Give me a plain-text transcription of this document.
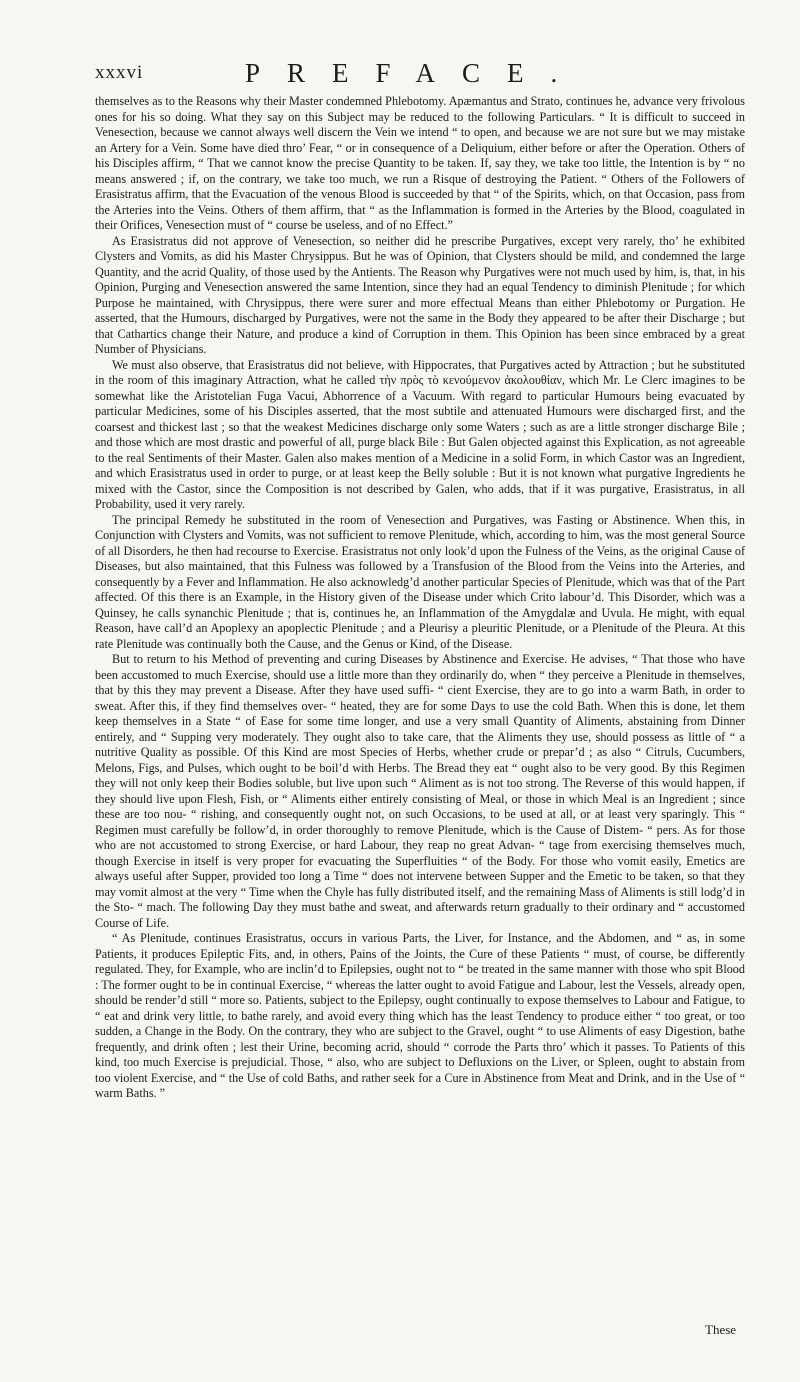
xxxvi	PREFACE.

themselves as to the Reasons why their Master condemned Phlebotomy. Apæmantus and Strato, continues he, advance very frivolous ones for his so doing. What they say on this Subject may be reduced to the following Particulars. “ It is difficult to succeed in Venesection, because we cannot always well discern the Vein we intend “ to open, and because we are not sure but we may mistake an Artery for a Vein. Some have died thro’ Fear, “ or in consequence of a Deliquium, either before or after the Operation. Others of his Disciples affirm, “ That we cannot know the precise Quantity to be taken. If, say they, we take too little, the Intention is by “ no means answered ; if, on the contrary, we take too much, we run a Risque of destroying the Patient. “ Others of the Followers of Erasistratus affirm, that the Evacuation of the venous Blood is succeeded by that “ of the Spirits, which, on that Occasion, pass from the Arteries into the Veins. Others of them affirm, that “ as the Inflammation is formed in the Arteries by the Blood, coagulated in their Orifices, Venesection must of “ course be useless, and of no Effect.”

As Erasistratus did not approve of Venesection, so neither did he prescribe Purgatives, except very rarely, tho’ he exhibited Clysters and Vomits, as did his Master Chrysippus. But he was of Opinion, that Clysters should be mild, and condemned the large Quantity, and the acrid Quality, of those used by the Antients. The Reason why Purgatives were not much used by him, is, that, in his Opinion, Purging and Venesection answered the same Intention, since they had an equal Tendency to diminish Plenitude ; for which Purpose he maintained, with Chrysippus, there were surer and more effectual Means than either Phlebotomy or Purgation. He asserted, that the Humours, discharged by Purgatives, were not the same in the Body they appeared to be after their Discharge ; but that Cathartics change their Nature, and produce a kind of Corruption in them. This Opinion has been since embraced by a great Number of Physicians.

We must also observe, that Erasistratus did not believe, with Hippocrates, that Purgatives acted by Attraction ; but he substituted in the room of this imaginary Attraction, what he called τὴν πρὸς τὸ κενούμενον ἀκολουθίαν, which Mr. Le Clerc imagines to be somewhat like the Aristotelian Fuga Vacui, Abhorrence of a Vacuum. With regard to particular Humours being evacuated by particular Medicines, some of his Disciples asserted, that the most subtile and attenuated Humours were discharged first, and the coarsest and thickest last ; so that the weakest Medicines discharge only some Waters ; such as are a little stronger discharge Bile ; and those which are most drastic and powerful of all, purge black Bile : But Galen objected against this Explication, as not agreeable to the real Sentiments of their Master. Galen also makes mention of a Medicine in a solid Form, in which Castor was an Ingredient, and which Erasistratus used in order to purge, or at least keep the Belly soluble : But it is not known what purgative Ingredients he mixed with the Castor, since the Composition is not described by Galen, who adds, that if it was purgative, Erasistratus, in all Probability, used it very rarely.

The principal Remedy he substituted in the room of Venesection and Purgatives, was Fasting or Abstinence. When this, in Conjunction with Clysters and Vomits, was not sufficient to remove Plenitude, which, according to him, was the most general Source of all Disorders, he then had recourse to Exercise. Erasistratus not only look’d upon the Fulness of the Veins, as the original Cause of Diseases, but also maintained, that this Fulness was followed by a Transfusion of the Blood from the Veins into the Arteries, and consequently by a Fever and Inflammation. He also acknowledg’d another particular Species of Plenitude, which was that of the Part affected. Of this there is an Example, in the History given of the Disease under which Crito labour’d. This Disorder, which was a Quinsey, he calls synanchic Plenitude ; that is, continues he, an Inflammation of the Amygdalæ and Uvula. He might, with equal Reason, have call’d an Apoplexy an apoplectic Plenitude ; and a Pleurisy a pleuritic Plenitude, or a Plenitude of the Pleura. At this rate Plenitude was continually both the Cause, and the Genus or Kind, of the Disease.

But to return to his Method of preventing and curing Diseases by Abstinence and Exercise. He advises, “ That those who have been accustomed to much Exercise, should use a little more than they ordinarily do, when “ they perceive a Plenitude in themselves, that by this they may prevent a Disease. After they have used suffi- “ cient Exercise, they are to go into a warm Bath, in order to sweat. After this, if they find themselves over- “ heated, they are for some Days to use the cold Bath. When this is done, let them keep themselves in a State “ of Ease for some time longer, and use a very small Quantity of Aliments, abstaining from Dinner entirely, and “ Supping very moderately. They ought also to take care, that the Aliments they use, should possess as little of “ a nutritive Quality as possible. Of this Kind are most Species of Herbs, whether crude or prepar’d ; as also “ Citruls, Cucumbers, Melons, Figs, and Pulses, which ought to be boil’d with Herbs. The Bread they eat “ ought also to be very good. By this Regimen they will not only keep their Bodies soluble, but live upon such “ Aliment as is not too strong. The Reverse of this would happen, if they should live upon Flesh, Fish, or “ Aliments either entirely consisting of Meal, or those in which Meal is an Ingredient ; since these are too nou- “ rishing, and consequently ought not, on such Occasions, to be used at all, or at least very sparingly. This “ Regimen must carefully be follow’d, in order thoroughly to remove Plenitude, which is the Cause of Distem- “ pers. As for those who are not accustomed to strong Exercise, or hard Labour, they reap no great Advan- “ tage from exercising themselves much, though Exercise in itself is very proper for evacuating the Superfluities “ of the Body. For those who vomit easily, Emetics are always useful after Supper, provided too long a Time “ does not intervene between Supper and the Emetic to be taken, so that they may vomit almost at the very “ Time when the Chyle has fully distributed itself, and the remaining Mass of Aliments is still lodg’d in the Sto- “ mach. The following Day they must bathe and sweat, and afterwards return gradually to their ordinary and “ accustomed Course of Life.

“ As Plenitude, continues Erasistratus, occurs in various Parts, the Liver, for Instance, and the Abdomen, and “ as, in some Patients, it produces Epileptic Fits, and, in others, Pains of the Joints, the Cure of these Patients “ must, of course, be differently regulated. They, for Example, who are inclin’d to Epilepsies, ought not to “ be treated in the same manner with those who spit Blood : The former ought to be in continual Exercise, “ whereas the latter ought to avoid Fatigue and Labour, lest the Vessels, already open, should be render’d still “ more so. Patients, subject to the Epilepsy, ought continually to expose themselves to Labour and Fatigue, to “ eat and drink very little, to bathe rarely, and avoid every thing which has the least Tendency to produce either “ too great, or too sudden, a Change in the Body. On the contrary, they who are subject to the Gravel, ought “ to use Aliments of easy Digestion, bathe frequently, and drink often ; lest their Urine, becoming acrid, should “ corrode the Parts thro’ which it passes. To Patients of this kind, too much Exercise is prejudicial. Those, “ also, who are subject to Defluxions on the Liver, or Spleen, ought to abstain from too violent Exercise, and “ the Use of cold Baths, and rather seek for a Cure in Abstinence from Meat and Drink, and in the Use of “ warm Baths. ”

These
